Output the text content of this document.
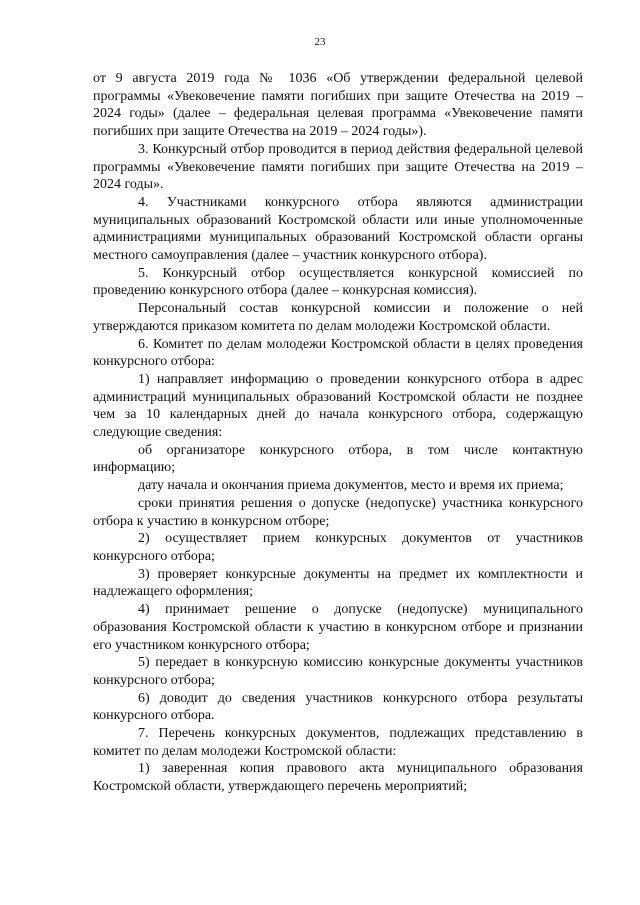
23

от 9 августа 2019 года № 1036 «Об утверждении федеральной целевой программы «Увековечение памяти погибших при защите Отечества на 2019 – 2024 годы» (далее – федеральная целевая программа «Увековечение памяти погибших при защите Отечества на 2019 – 2024 годы»).

3. Конкурсный отбор проводится в период действия федеральной целевой программы «Увековечение памяти погибших при защите Отечества на 2019 – 2024 годы».

4. Участниками конкурсного отбора являются администрации муниципальных образований Костромской области или иные уполномоченные администрациями муниципальных образований Костромской области органы местного самоуправления (далее – участник конкурсного отбора).

5. Конкурсный отбор осуществляется конкурсной комиссией по проведению конкурсного отбора (далее – конкурсная комиссия).

Персональный состав конкурсной комиссии и положение о ней утверждаются приказом комитета по делам молодежи Костромской области.

6. Комитет по делам молодежи Костромской области в целях проведения конкурсного отбора:

1) направляет информацию о проведении конкурсного отбора в адрес администраций муниципальных образований Костромской области не позднее чем за 10 календарных дней до начала конкурсного отбора, содержащую следующие сведения:

об организаторе конкурсного отбора, в том числе контактную информацию;

дату начала и окончания приема документов, место и время их приема;

сроки принятия решения о допуске (недопуске) участника конкурсного отбора к участию в конкурсном отборе;

2) осуществляет прием конкурсных документов от участников конкурсного отбора;

3) проверяет конкурсные документы на предмет их комплектности и надлежащего оформления;

4) принимает решение о допуске (недопуске) муниципального образования Костромской области к участию в конкурсном отборе и признании его участником конкурсного отбора;

5) передает в конкурсную комиссию конкурсные документы участников конкурсного отбора;

6) доводит до сведения участников конкурсного отбора результаты конкурсного отбора.

7. Перечень конкурсных документов, подлежащих представлению в комитет по делам молодежи Костромской области:

1) заверенная копия правового акта муниципального образования Костромской области, утверждающего перечень мероприятий;
